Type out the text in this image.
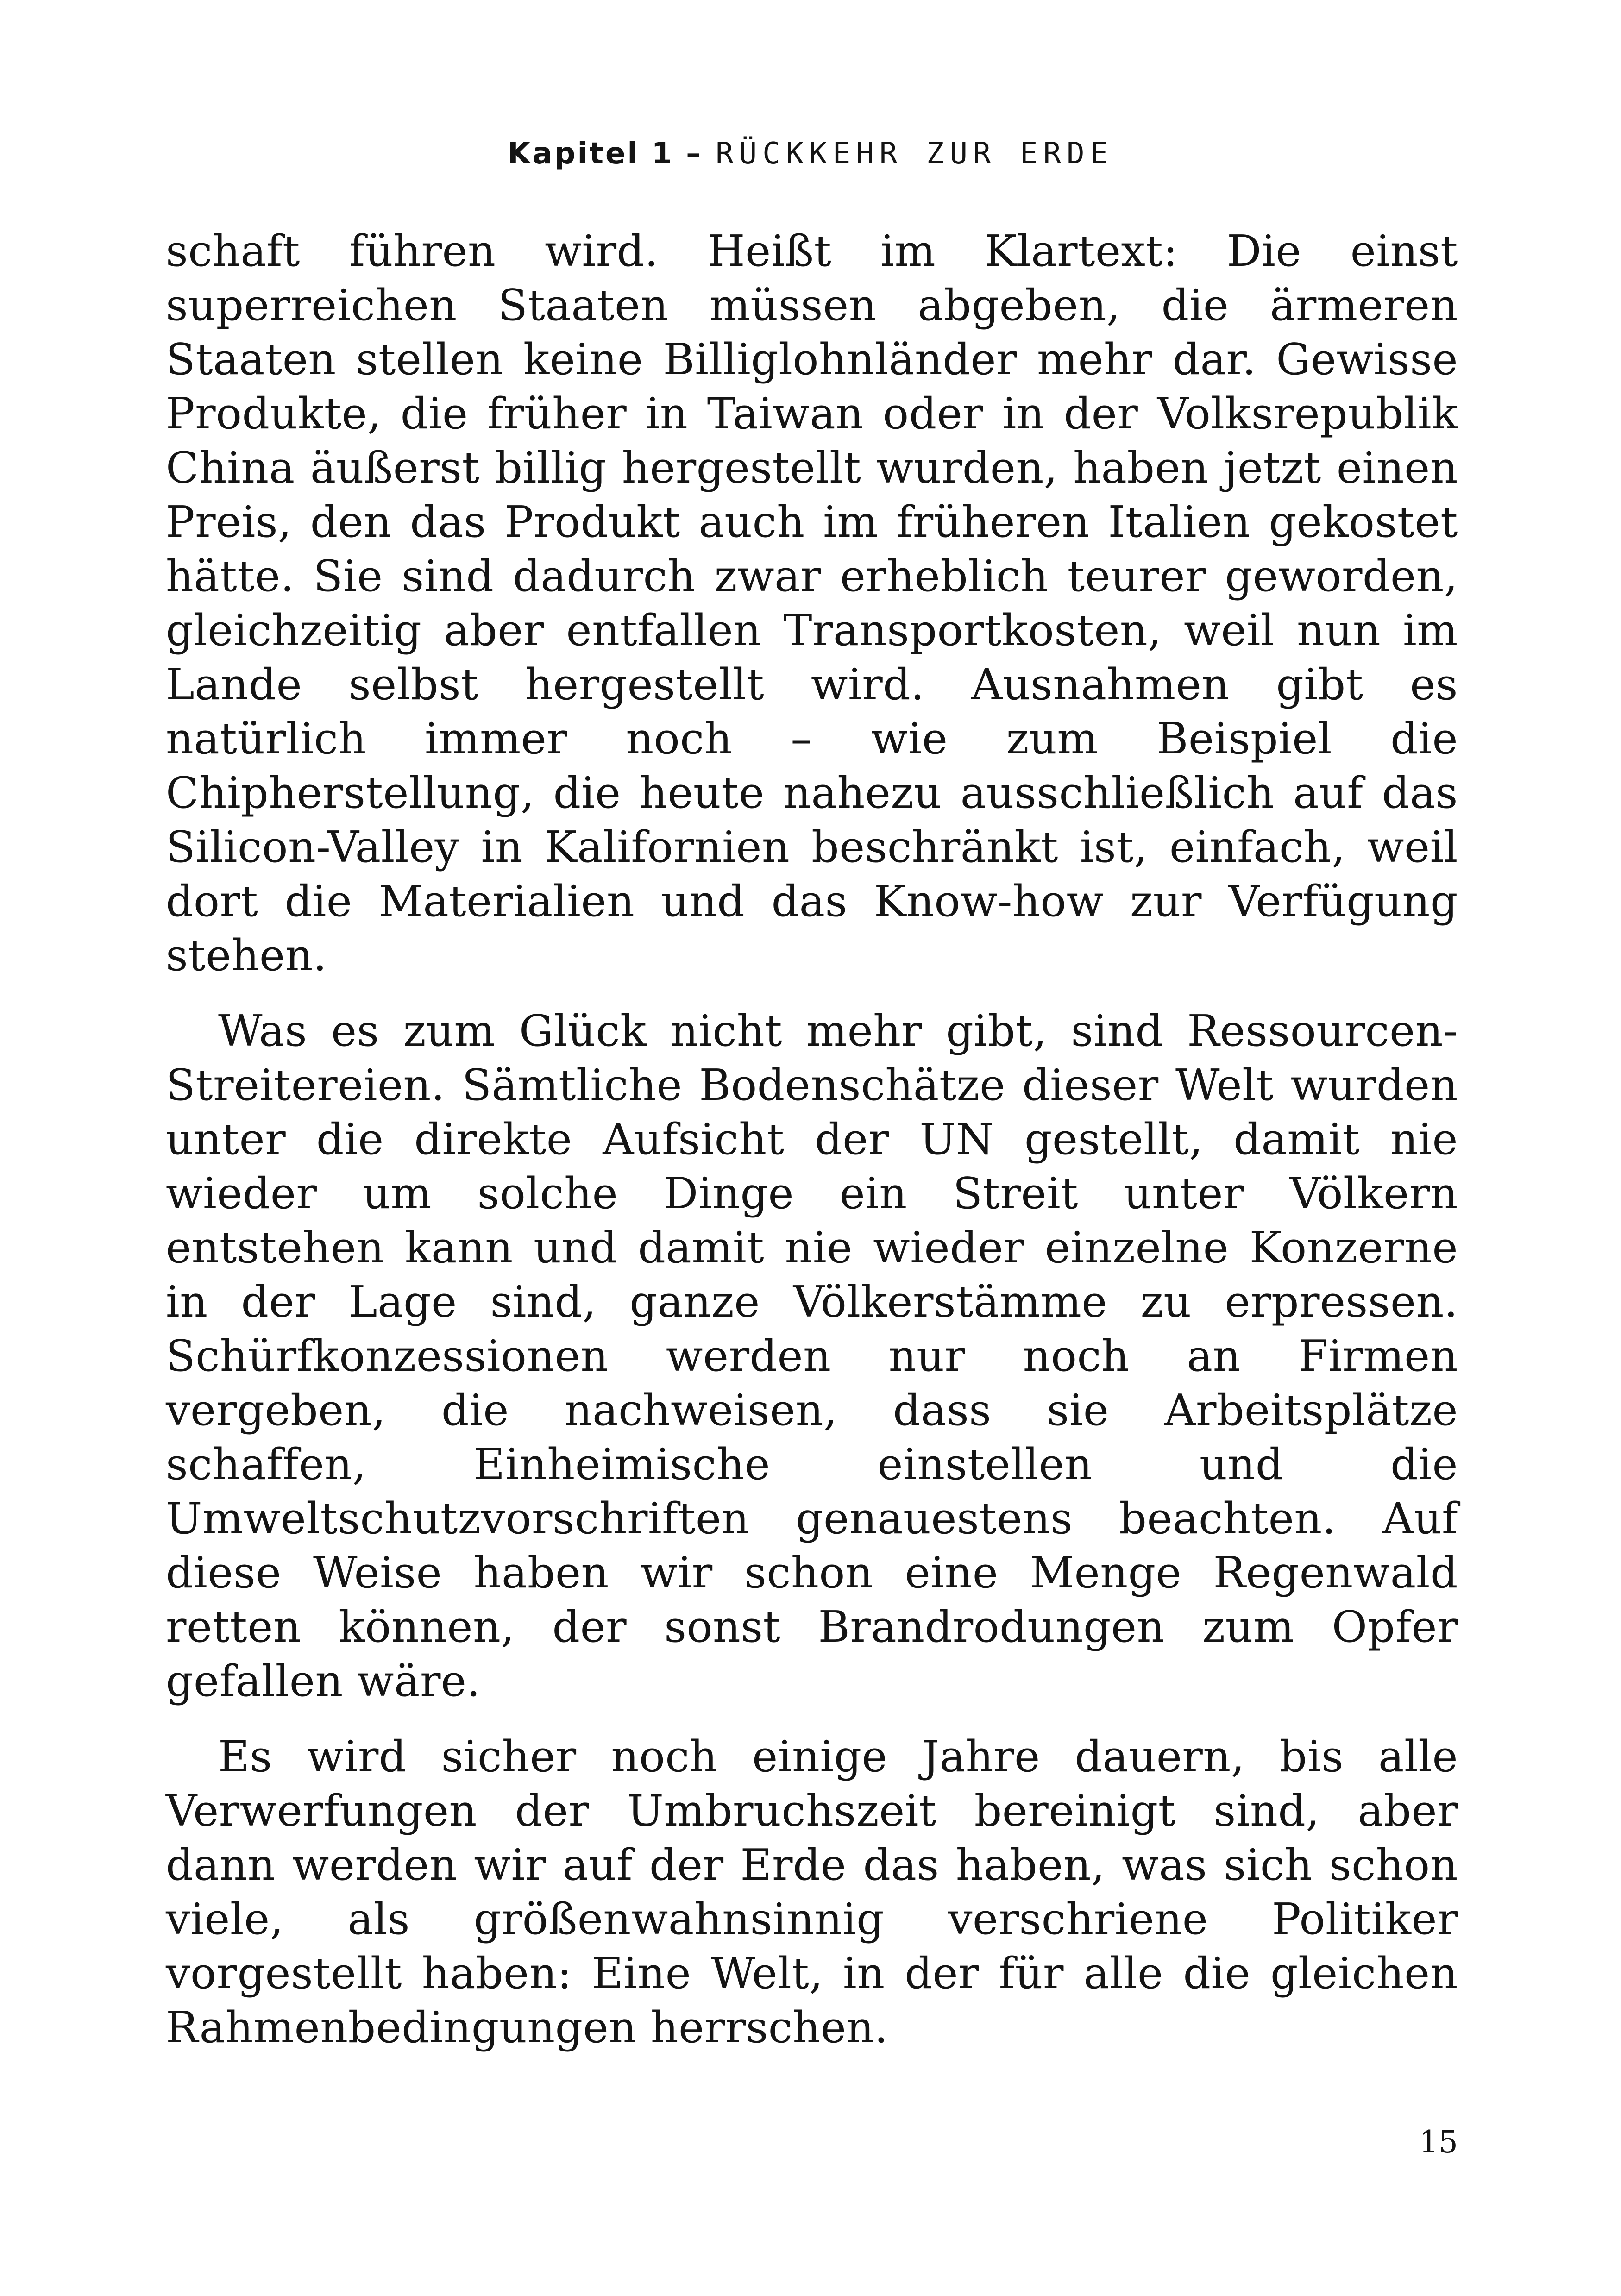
Kapitel 1 – RÜCKKEHR ZUR ERDE

schaft führen wird. Heißt im Klartext: Die einst superreichen Staaten müssen abgeben, die ärmeren Staaten stellen keine Billiglohnländer mehr dar. Gewisse Produkte, die früher in Taiwan oder in der Volksrepublik China äußerst billig hergestellt wurden, haben jetzt einen Preis, den das Produkt auch im früheren Italien gekostet hätte. Sie sind dadurch zwar erheblich teurer geworden, gleichzeitig aber entfallen Transportkosten, weil nun im Lande selbst hergestellt wird. Ausnahmen gibt es natürlich immer noch – wie zum Beispiel die Chipherstellung, die heute nahezu ausschließlich auf das Silicon-Valley in Kalifornien beschränkt ist, einfach, weil dort die Materialien und das Know-how zur Verfügung stehen.

Was es zum Glück nicht mehr gibt, sind Ressourcen-Streitereien. Sämtliche Bodenschätze dieser Welt wurden unter die direkte Aufsicht der UN gestellt, damit nie wieder um solche Dinge ein Streit unter Völkern entstehen kann und damit nie wieder einzelne Konzerne in der Lage sind, ganze Völkerstämme zu erpressen. Schürfkonzessionen werden nur noch an Firmen vergeben, die nachweisen, dass sie Arbeitsplätze schaffen, Einheimische einstellen und die Umweltschutzvorschriften genauestens beachten. Auf diese Weise haben wir schon eine Menge Regenwald retten können, der sonst Brandrodungen zum Opfer gefallen wäre.

Es wird sicher noch einige Jahre dauern, bis alle Verwerfungen der Umbruchszeit bereinigt sind, aber dann werden wir auf der Erde das haben, was sich schon viele, als größenwahnsinnig verschriene Politiker vorgestellt haben: Eine Welt, in der für alle die gleichen Rahmenbedingungen herrschen.

15
